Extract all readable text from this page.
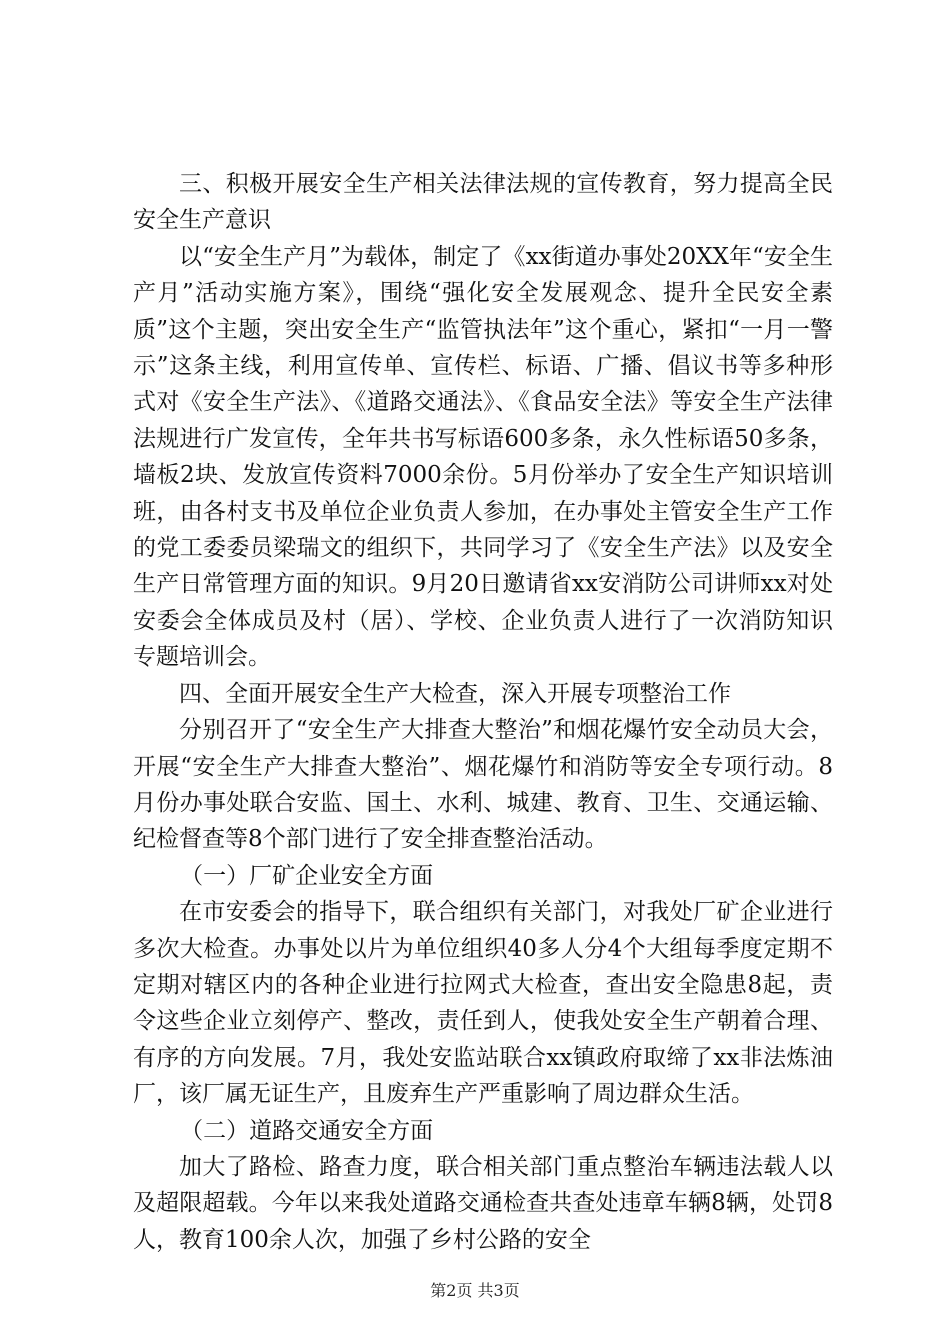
三、积极开展安全生产相关法律法规的宣传教育，努力提高全民安全生产意识

以“安全生产月”为载体，制定了《xx街道办事处20XX年“安全生产月”活动实施方案》，围绕“强化安全发展观念、提升全民安全素质”这个主题，突出安全生产“监管执法年”这个重心，紧扣“一月一警示”这条主线，利用宣传单、宣传栏、标语、广播、倡议书等多种形式对《安全生产法》、《道路交通法》、《食品安全法》等安全生产法律法规进行广发宣传，全年共书写标语600多条，永久性标语50多条，墙板2块、发放宣传资料7000余份。5月份举办了安全生产知识培训班，由各村支书及单位企业负责人参加，在办事处主管安全生产工作的党工委委员梁瑞文的组织下，共同学习了《安全生产法》以及安全生产日常管理方面的知识。9月20日邀请省xx安消防公司讲师xx对处安委会全体成员及村（居）、学校、企业负责人进行了一次消防知识专题培训会。

四、全面开展安全生产大检查，深入开展专项整治工作

分别召开了“安全生产大排查大整治”和烟花爆竹安全动员大会，开展“安全生产大排查大整治”、烟花爆竹和消防等安全专项行动。8月份办事处联合安监、国土、水利、城建、教育、卫生、交通运输、纪检督查等8个部门进行了安全排查整治活动。

（一）厂矿企业安全方面

在市安委会的指导下，联合组织有关部门，对我处厂矿企业进行多次大检查。办事处以片为单位组织40多人分4个大组每季度定期不定期对辖区内的各种企业进行拉网式大检查，查出安全隐患8起，责令这些企业立刻停产、整改，责任到人，使我处安全生产朝着合理、有序的方向发展。7月，我处安监站联合xx镇政府取缔了xx非法炼油厂，该厂属无证生产，且废弃生产严重影响了周边群众生活。

（二）道路交通安全方面

加大了路检、路查力度，联合相关部门重点整治车辆违法载人以及超限超载。今年以来我处道路交通检查共查处违章车辆8辆，处罚8人，教育100余人次，加强了乡村公路的安全

第2页 共3页
